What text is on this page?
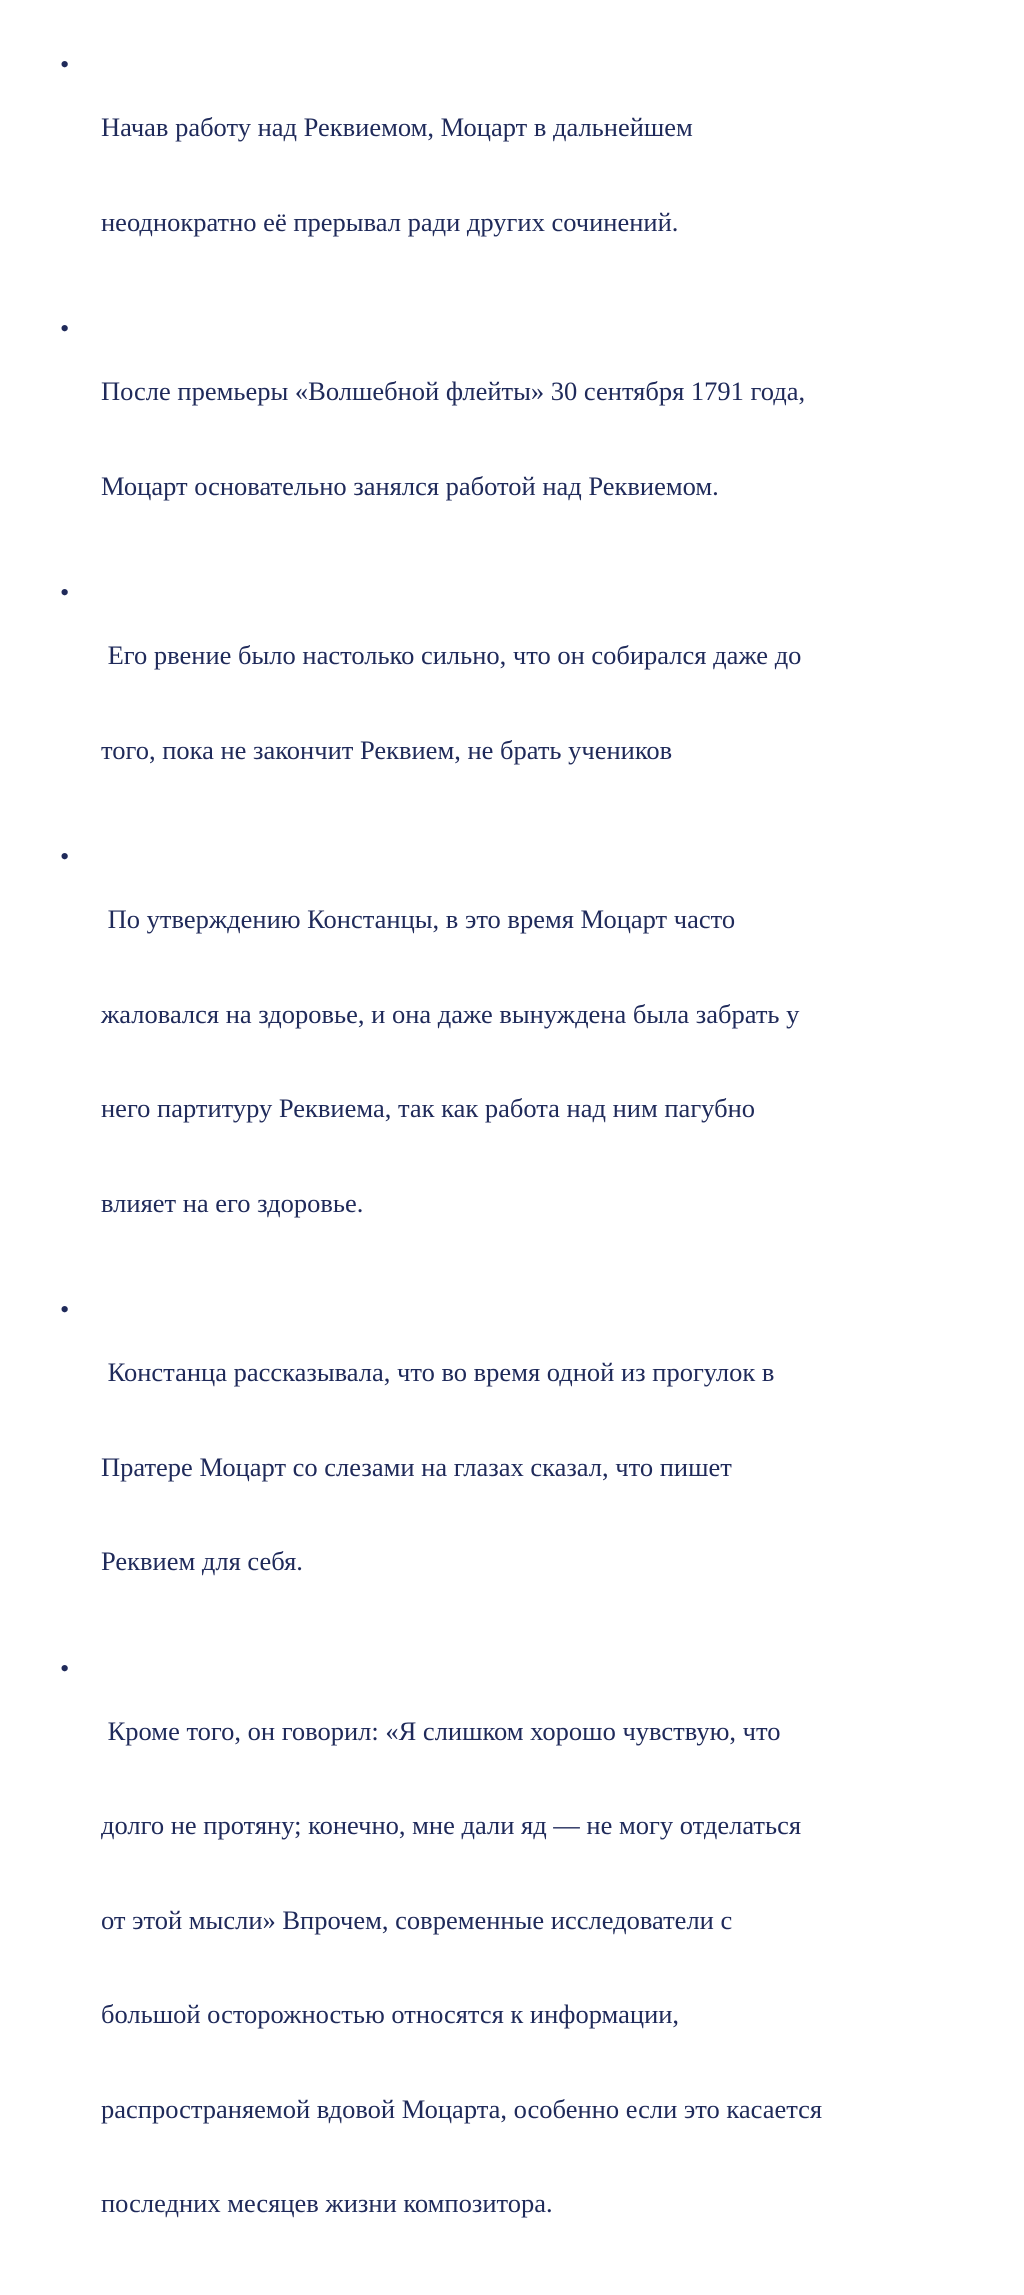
•

Начав работу над Реквиемом, Моцарт в дальнейшем

неоднократно её прерывал ради других сочинений.

•

После премьеры «Волшебной флейты» 30 сентября 1791 года,

Моцарт основательно занялся работой над Реквиемом.

•

Его рвение было настолько сильно, что он собирался даже до

того, пока не закончит Реквием, не брать учеников

•

По утверждению Констанцы, в это время Моцарт часто

жаловался на здоровье, и она даже вынуждена была забрать у

него партитуру Реквиема, так как работа над ним пагубно

влияет на его здоровье.

•

Констанца рассказывала, что во время одной из прогулок в

Пратере Моцарт со слезами на глазах сказал, что пишет

Реквием для себя.

•

Кроме того, он говорил: «Я слишком хорошо чувствую, что

долго не протяну; конечно, мне дали яд — не могу отделаться

от этой мысли» Впрочем, современные исследователи с

большой осторожностью относятся к информации,

распространяемой вдовой Моцарта, особенно если это касается

последних месяцев жизни композитора.
